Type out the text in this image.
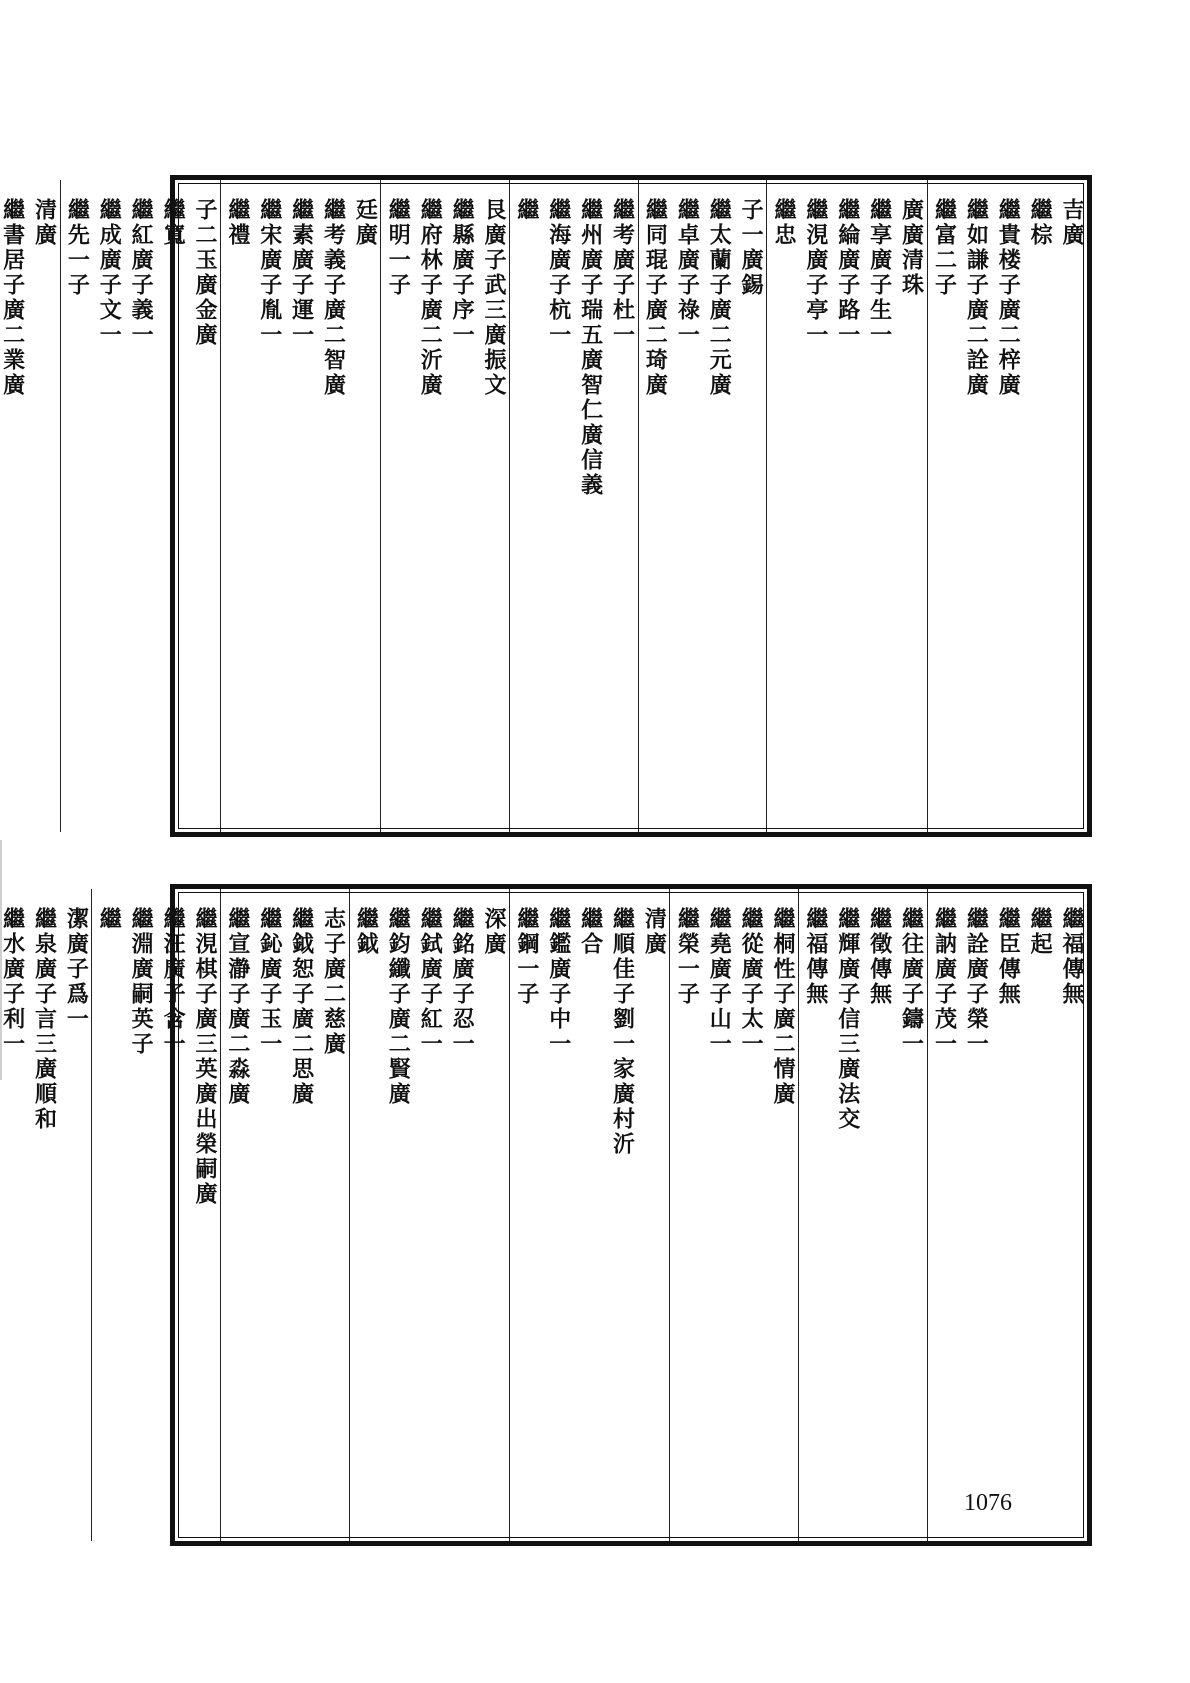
吉廣
繼棕
繼貴楼子廣二梓廣
繼如謙子廣二詮廣
繼富二子
廣廣清珠
繼享廣子生一
繼綸廣子路一
繼涀廣子亭一
繼忠
子一廣錫
繼太蘭子廣二元廣
繼卓廣子祿一
繼同琨子廣二琦廣
繼考廣子杜一
繼州廣子瑞五廣智仁廣信義
繼海廣子杭一
繼
艮廣子武三廣振文
繼縣廣子序一
繼府林子廣二沂廣
繼明一子
廷廣
繼考義子廣二智廣
繼素廣子運一
繼宋廣子胤一
繼禮
子二玉廣金廣
繼寬
繼紅廣子義一
繼成廣子文一
繼先一子
清廣
繼書居子廣二業廣

繼福傳無
繼起
繼臣傳無
繼詮廣子榮一
繼訥廣子茂一
繼往廣子鑄一
繼徵傳無
繼輝廣子信三廣法交
繼福傳無
繼桐性子廣二情廣
繼從廣子太一
繼堯廣子山一
繼榮一子
清廣
繼順佳子劉一家廣村沂
繼合
繼鑑廣子中一
繼鋼一子
深廣
繼銘廣子忍一
繼鉽廣子紅一
繼鈞纖子廣二賢廣
繼鉞
志子廣二慈廣
繼鉞恕子廣二思廣
繼鈊廣子玉一
繼宣瀞子廣二淼廣
繼涀棋子廣三英廣出榮嗣廣
繼汪廣子含一
繼淵廣嗣英子
繼
潔廣子爲一
繼泉廣子言三廣順和
繼水廣子利一

1076
